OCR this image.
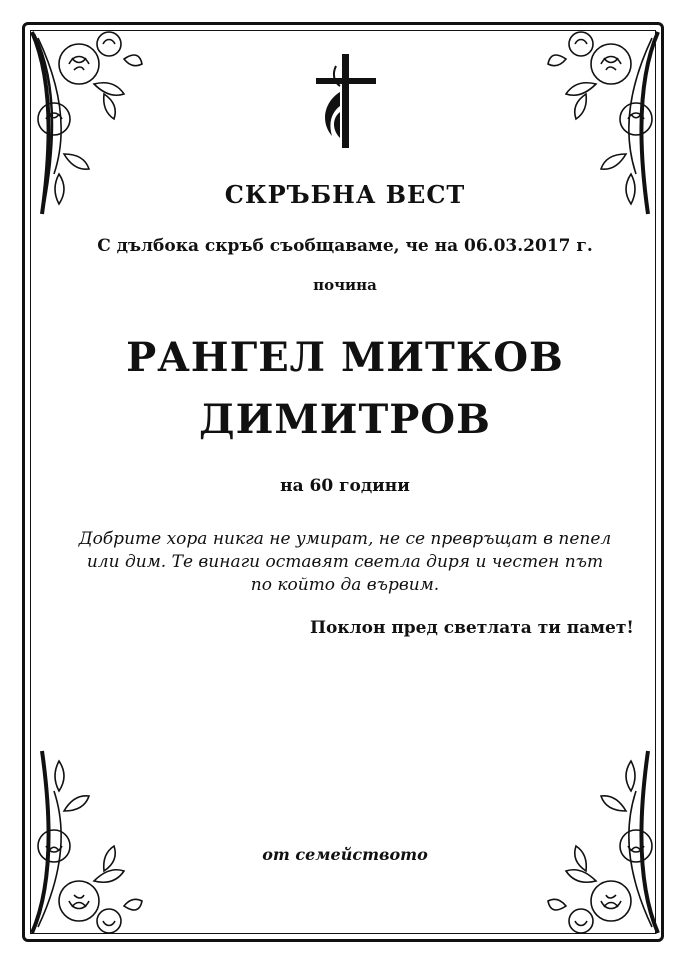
СКРЪБНА ВЕСТ
С дълбока скръб съобщаваме, че на 06.03.2017 г.
почина
РАНГЕЛ МИТКОВ
ДИМИТРОВ
на 60 години
Добрите хора никга не умират, не се превръщат в пепел
или дим. Те винаги оставят светла диря и честен път
по който да вървим.
Поклон пред светлата ти памет!
от семейството
